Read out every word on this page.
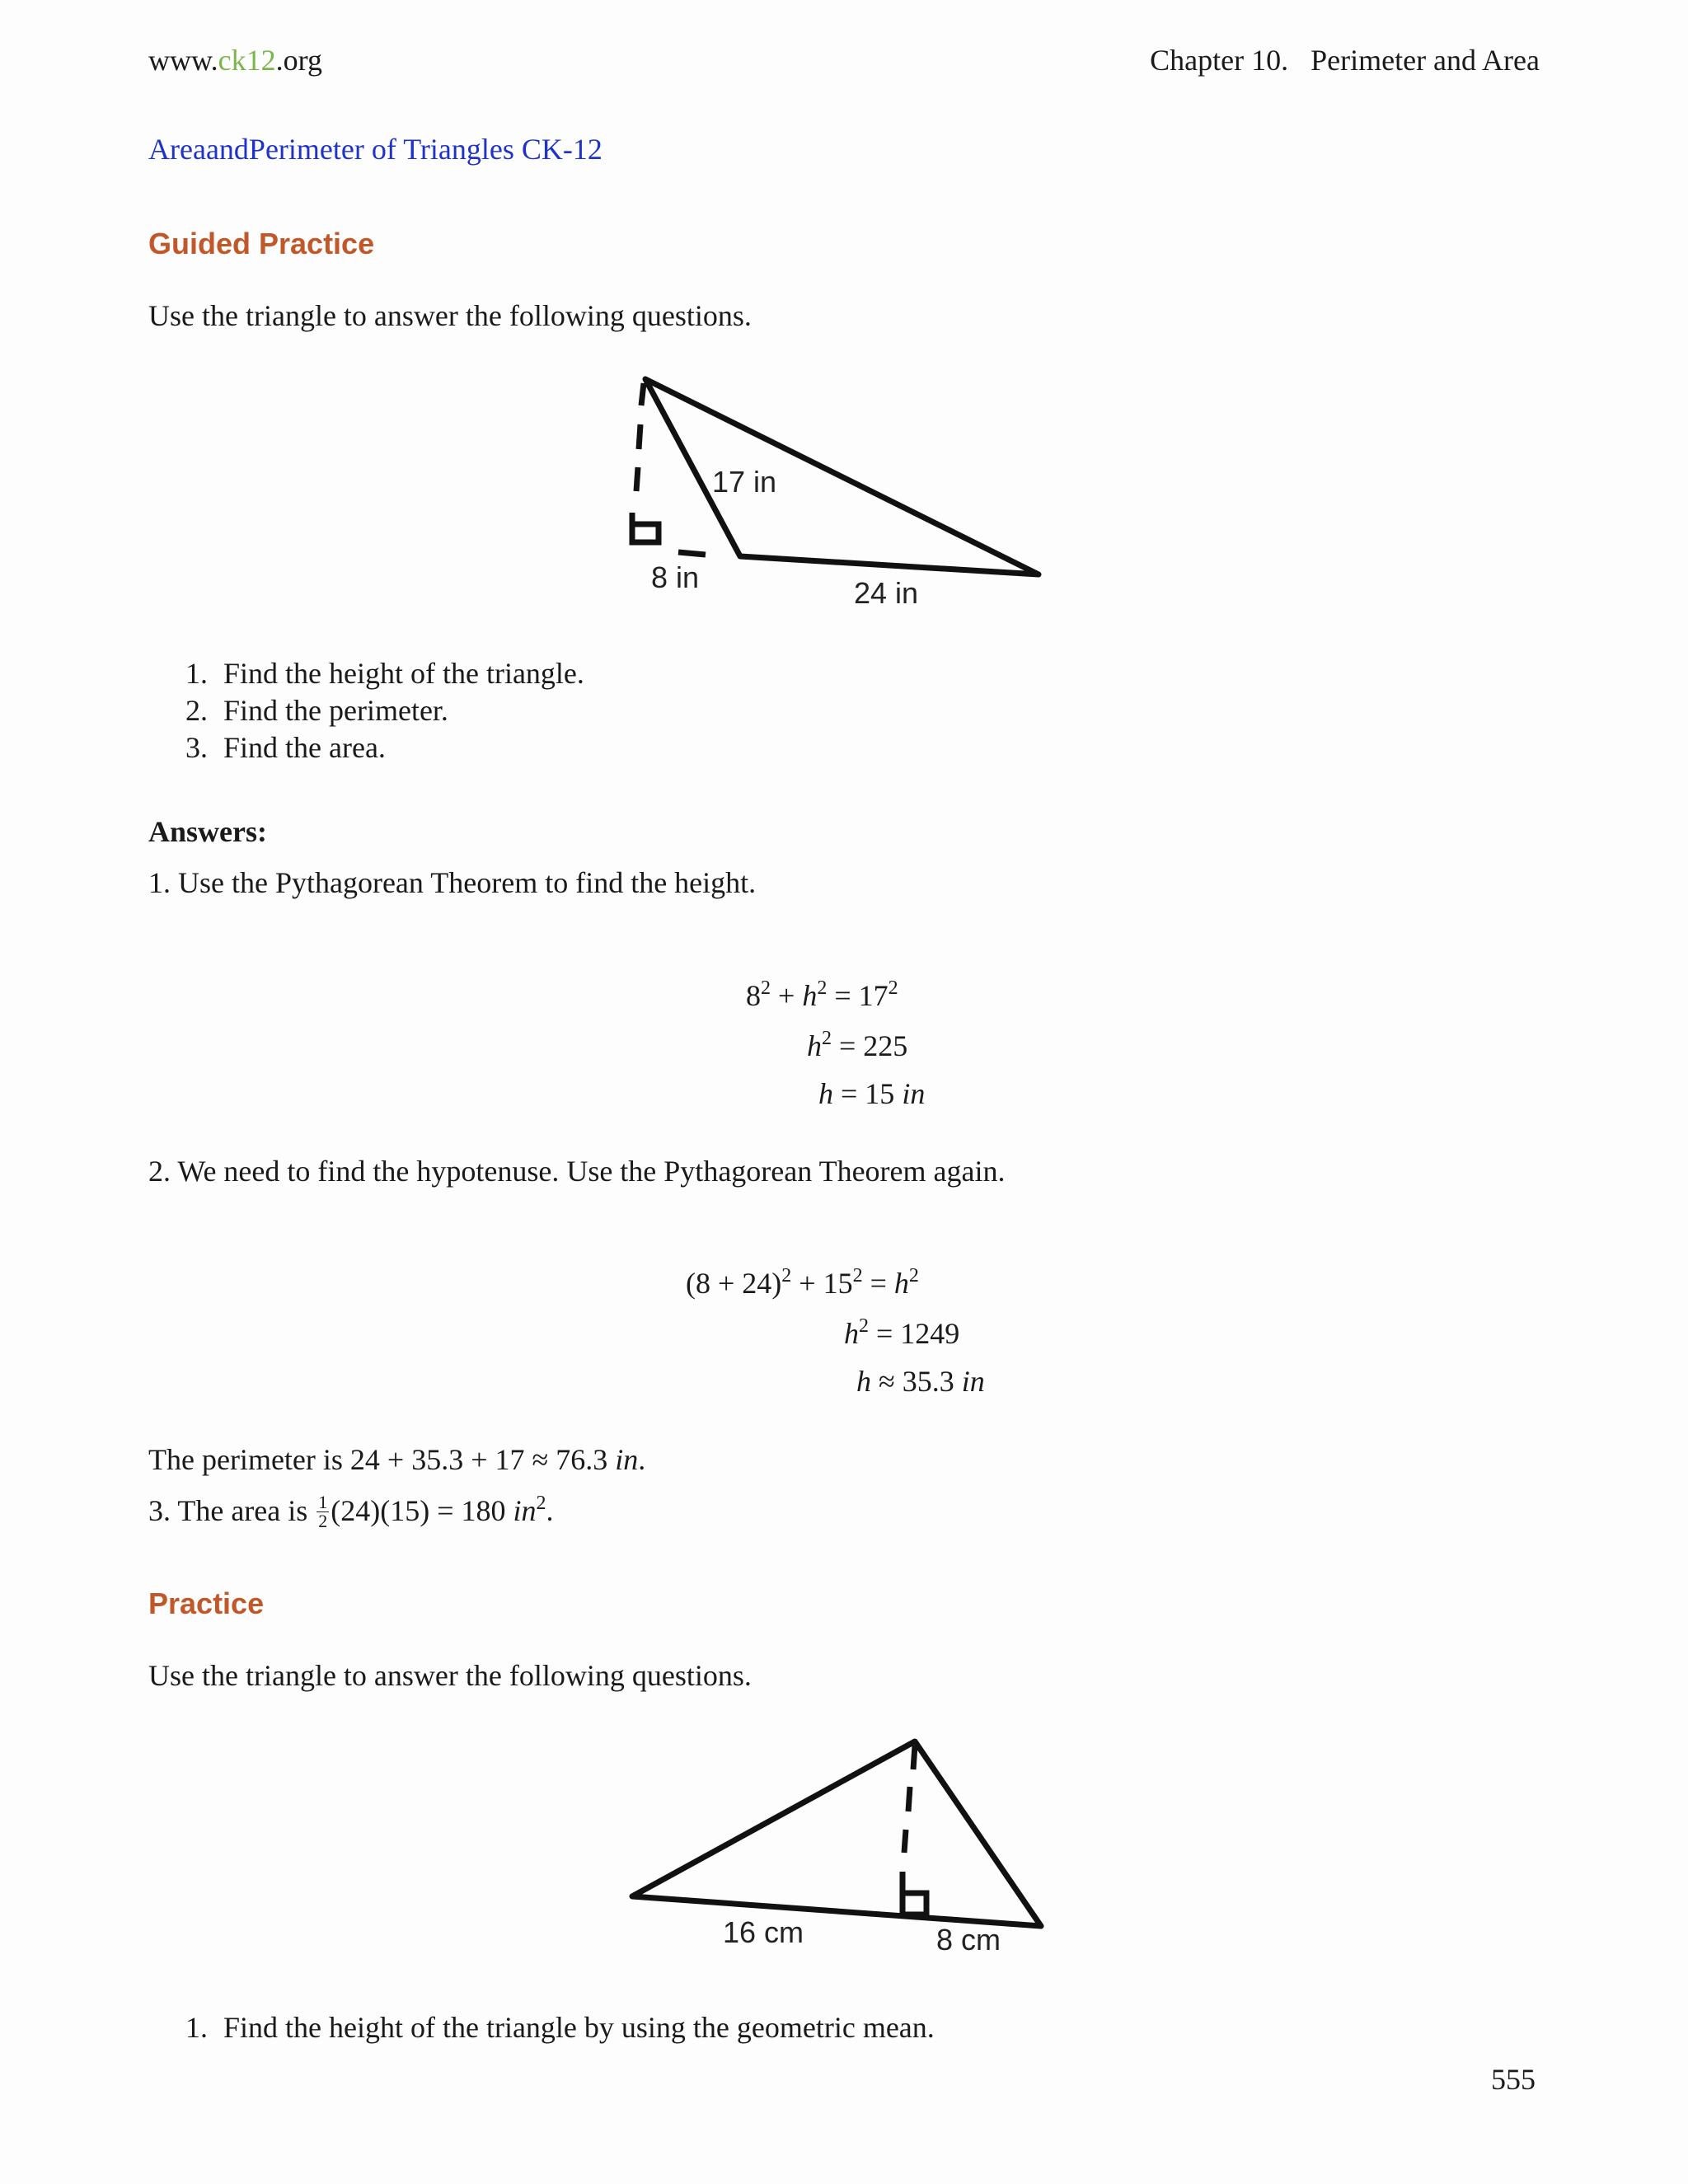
www.ck12.org	Chapter 10.   Perimeter and Area
AreaandPerimeter of Triangles CK-12
Guided Practice
Use the triangle to answer the following questions.
17 in
8 in	24 in
1. Find the height of the triangle.
2. Find the perimeter.
3. Find the area.
Answers:
1. Use the Pythagorean Theorem to find the height.
$8^2 + h^2 = 17^2$
$h^2 = 225$
h = 15 in
2. We need to find the hypotenuse. Use the Pythagorean Theorem again.
$(8 + 24)^2 + 15^2 = h^2$
$h^2 = 1249$
h ≈ 35.3 in
The perimeter is 24 + 35.3 + 17 ≈ 76.3 in.
3. The area is $\frac{1}{2} (24)(15) = 180$ $in^2$.
Practice
Use the triangle to answer the following questions.
16 cm	8 cm
1. Find the height of the triangle by using the geometric mean.
555
